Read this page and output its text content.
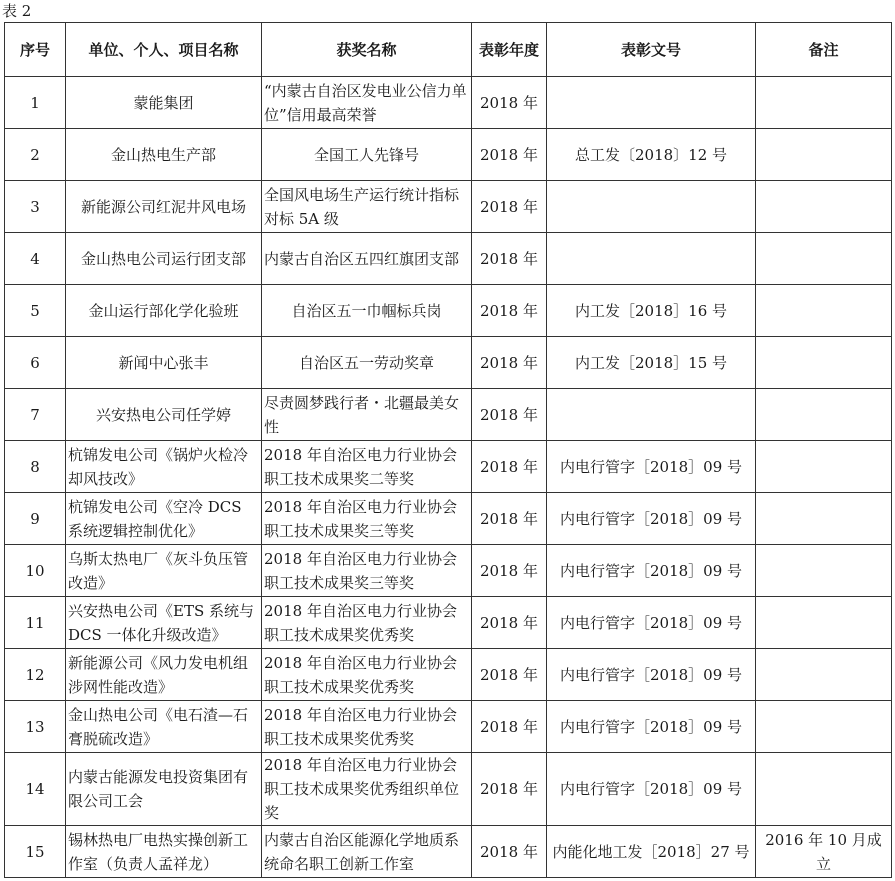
表 2
序号	单位、个人、项目名称	获奖名称	表彰年度	表彰文号	备注
1	蒙能集团	“内蒙古自治区发电业公信力单位”信用最高荣誉	2018 年		
2	金山热电生产部	全国工人先锋号	2018 年	总工发〔2018〕12 号	
3	新能源公司红泥井风电场	全国风电场生产运行统计指标对标 5A 级	2018 年		
4	金山热电公司运行团支部	内蒙古自治区五四红旗团支部	2018 年		
5	金山运行部化学化验班	自治区五一巾帼标兵岗	2018 年	内工发［2018］16 号	
6	新闻中心张丰	自治区五一劳动奖章	2018 年	内工发［2018］15 号	
7	兴安热电公司任学婷	尽责圆梦践行者・北疆最美女性	2018 年		
8	杭锦发电公司《锅炉火检冷却风技改》	2018 年自治区电力行业协会职工技术成果奖二等奖	2018 年	内电行管字［2018］09 号	
9	杭锦发电公司《空冷 DCS 系统逻辑控制优化》	2018 年自治区电力行业协会职工技术成果奖三等奖	2018 年	内电行管字［2018］09 号	
10	乌斯太热电厂《灰斗负压管改造》	2018 年自治区电力行业协会职工技术成果奖三等奖	2018 年	内电行管字［2018］09 号	
11	兴安热电公司《ETS 系统与 DCS 一体化升级改造》	2018 年自治区电力行业协会职工技术成果奖优秀奖	2018 年	内电行管字［2018］09 号	
12	新能源公司《风力发电机组涉网性能改造》	2018 年自治区电力行业协会职工技术成果奖优秀奖	2018 年	内电行管字［2018］09 号	
13	金山热电公司《电石渣—石膏脱硫改造》	2018 年自治区电力行业协会职工技术成果奖优秀奖	2018 年	内电行管字［2018］09 号	
14	内蒙古能源发电投资集团有限公司工会	2018 年自治区电力行业协会职工技术成果奖优秀组织单位奖	2018 年	内电行管字［2018］09 号	
15	锡林热电厂电热实操创新工作室（负责人孟祥龙）	内蒙古自治区能源化学地质系统命名职工创新工作室	2018 年	内能化地工发［2018］27 号	2016 年 10 月成立
